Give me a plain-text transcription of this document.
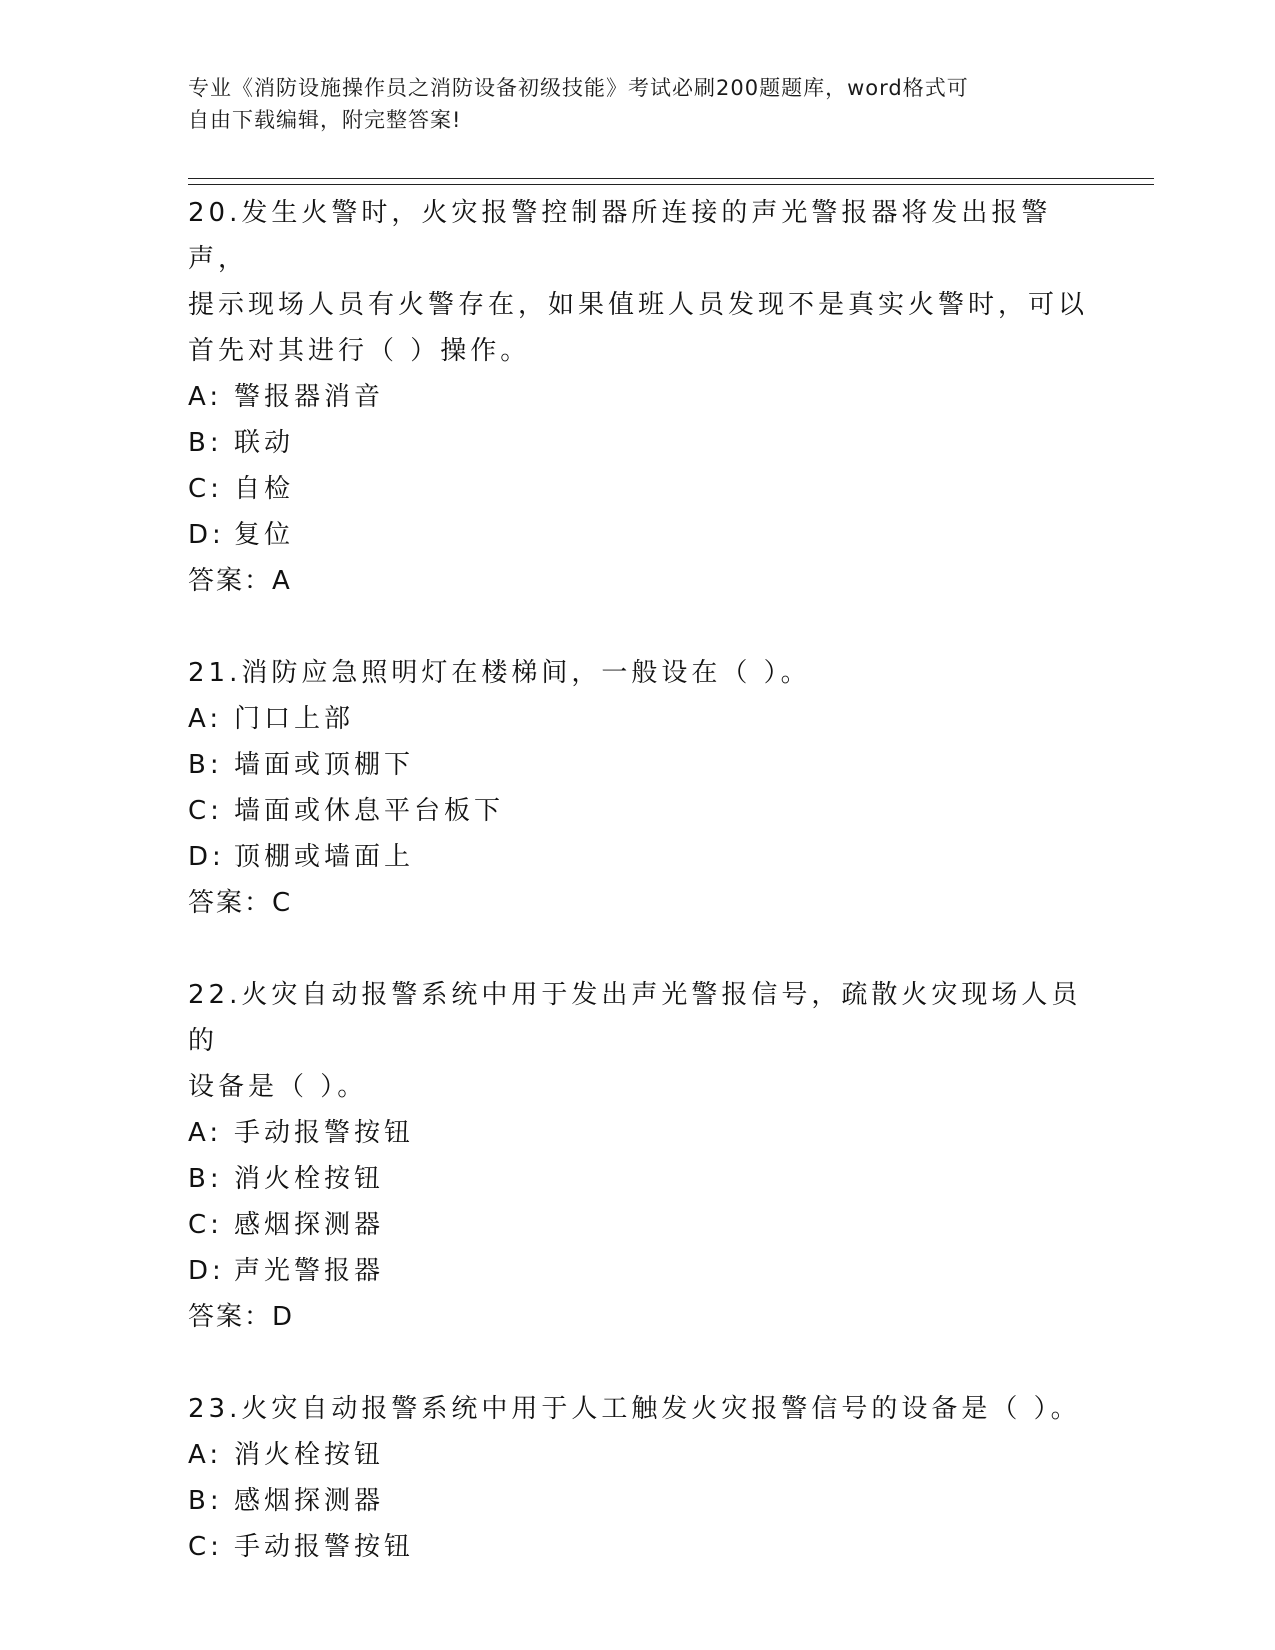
专业《消防设施操作员之消防设备初级技能》考试必刷200题题库，word格式可
自由下载编辑，附完整答案!
20.发生火警时，火灾报警控制器所连接的声光警报器将发出报警声，
提示现场人员有火警存在，如果值班人员发现不是真实火警时，可以
首先对其进行（ ）操作。
A: 警报器消音
B: 联动
C: 自检
D: 复位
答案：A
21.消防应急照明灯在楼梯间，一般设在（ ）。
A: 门口上部
B: 墙面或顶棚下
C: 墙面或休息平台板下
D: 顶棚或墙面上
答案：C
22.火灾自动报警系统中用于发出声光警报信号，疏散火灾现场人员的
设备是（ ）。
A: 手动报警按钮
B: 消火栓按钮
C: 感烟探测器
D: 声光警报器
答案：D
23.火灾自动报警系统中用于人工触发火灾报警信号的设备是（ ）。
A: 消火栓按钮
B: 感烟探测器
C: 手动报警按钮
